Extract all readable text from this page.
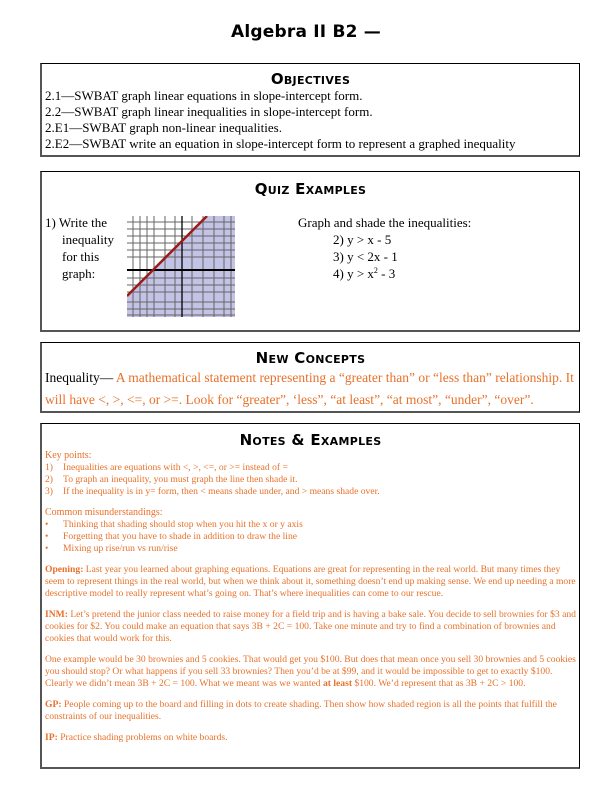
Algebra II B2 —
Objectives
2.1—SWBAT graph linear equations in slope-intercept form.
2.2—SWBAT graph linear inequalities in slope-intercept form.
2.E1—SWBAT graph non-linear inequalities.
2.E2—SWBAT write an equation in slope-intercept form to represent a graphed inequality
Quiz Examples
1) Write the
inequality
for this
graph:
Graph and shade the inequalities:
2) y > x - 5
3) y < 2x - 1
4) $y > x^2 - 3$
New Concepts
Inequality— A mathematical statement representing a “greater than” or “less than” relationship. It will have <, >, <=, or >=. Look for “greater”, ‘less”, “at least”, “at most”, “under”, “over”.
Notes & Examples
Key points:
1) Inequalities are equations with <, >, <=, or >= instead of =
2) To graph an inequality, you must graph the line then shade it.
3) If the inequality is in y= form, then < means shade under, and > means shade over.
Common misunderstandings:
• Thinking that shading should stop when you hit the x or y axis
• Forgetting that you have to shade in addition to draw the line
• Mixing up rise/run vs run/rise

Opening: Last year you learned about graphing equations. Equations are great for representing in the real world. But many times they seem to represent things in the real world, but when we think about it, something doesn’t end up making sense. We end up needing a more descriptive model to really represent what’s going on. That’s where inequalities can come to our rescue.

INM: Let’s pretend the junior class needed to raise money for a field trip and is having a bake sale. You decide to sell brownies for $3 and cookies for $2. You could make an equation that says 3B + 2C = 100. Take one minute and try to find a combination of brownies and cookies that would work for this.

One example would be 30 brownies and 5 cookies. That would get you $100. But does that mean once you sell 30 brownies and 5 cookies you should stop? Or what happens if you sell 33 brownies? Then you’d be at $99, and it would be impossible to get to exactly $100. Clearly we didn’t mean 3B + 2C = 100. What we meant was we wanted at least $100. We’d represent that as 3B + 2C > 100.

GP: People coming up to the board and filling in dots to create shading. Then show how shaded region is all the points that fulfill the constraints of our inequalities.

IP: Practice shading problems on white boards.
